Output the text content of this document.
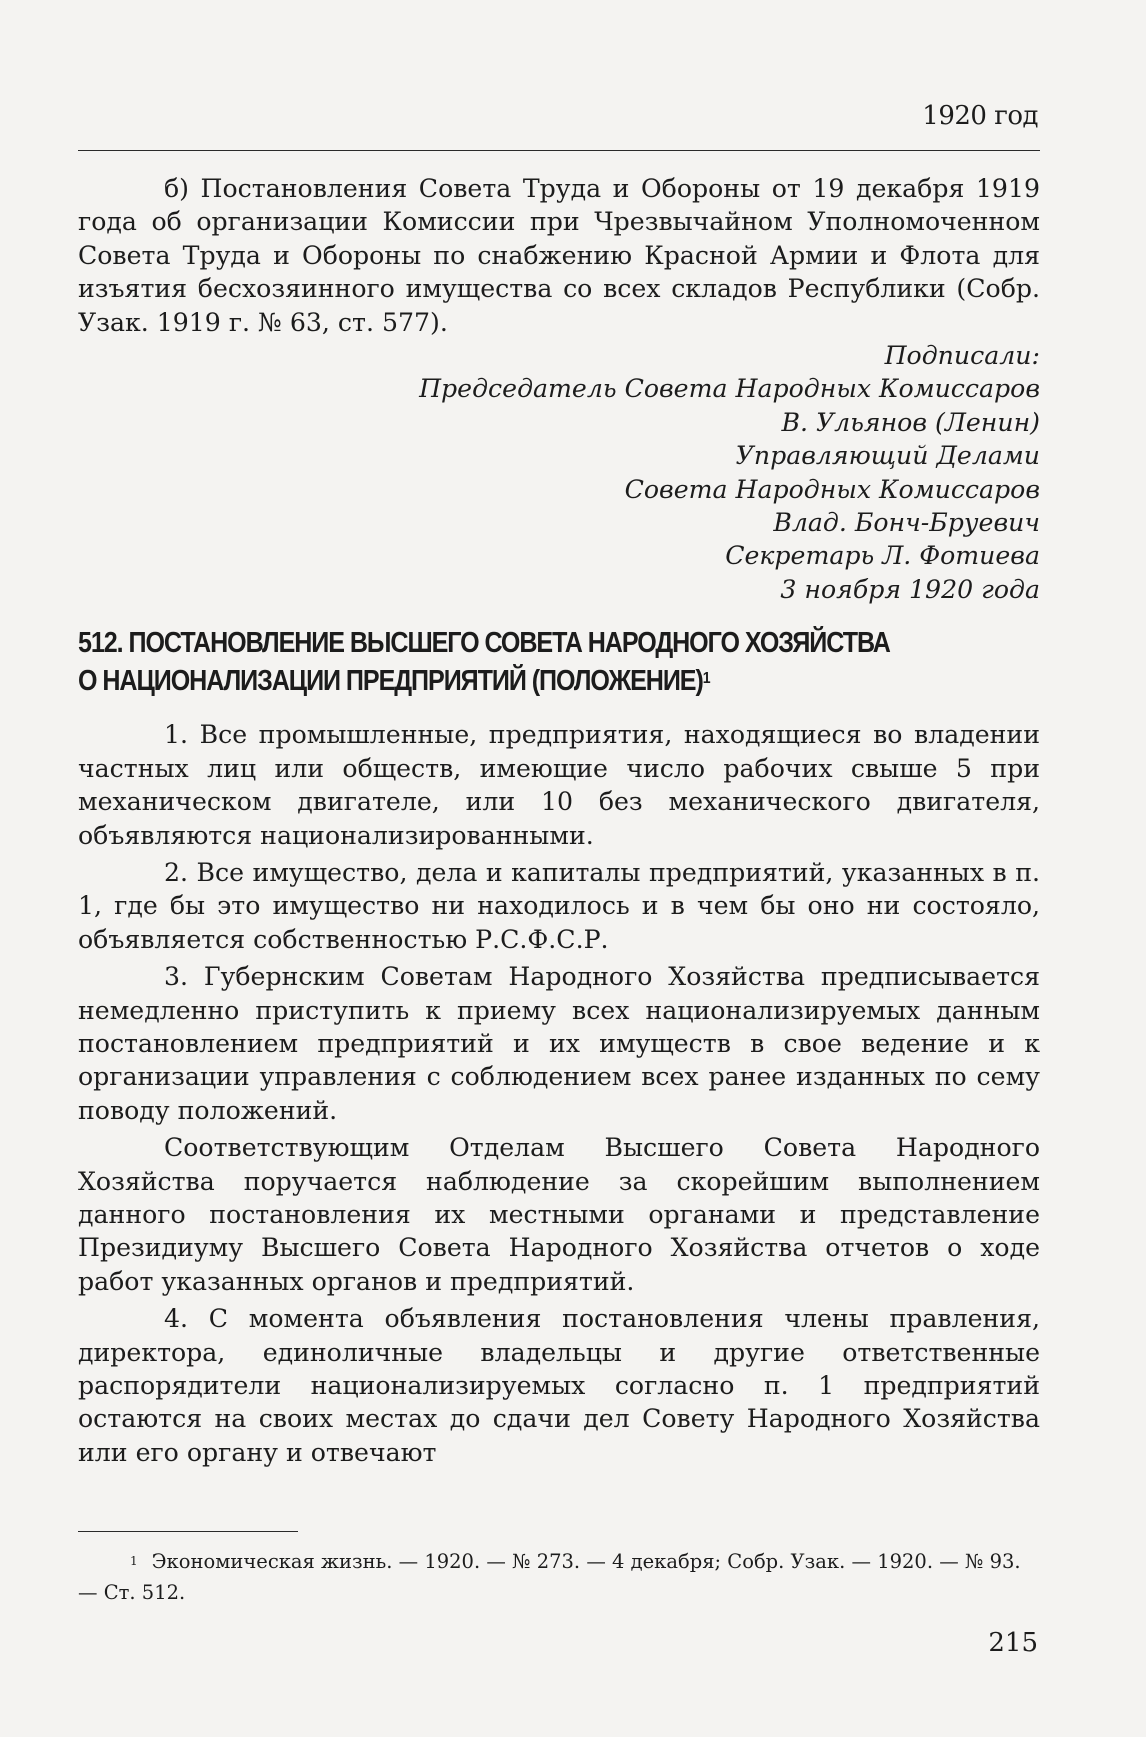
1920 год

б) Постановления Совета Труда и Обороны от 19 декабря 1919 года об организации Комиссии при Чрезвычайном Уполномоченном Совета Труда и Обороны по снабжению Красной Армии и Флота для изъятия бесхозяинного имущества со всех складов Республики (Собр. Узак. 1919 г. № 63, ст. 577).

Подписали:
Председатель Совета Народных Комиссаров
В. Ульянов (Ленин)
Управляющий Делами
Совета Народных Комиссаров
Влад. Бонч-Бруевич
Секретарь Л. Фотиева
3 ноября 1920 года
512. ПОСТАНОВЛЕНИЕ ВЫСШЕГО СОВЕТА НАРОДНОГО ХОЗЯЙСТВА
О НАЦИОНАЛИЗАЦИИ ПРЕДПРИЯТИЙ (ПОЛОЖЕНИЕ)$^1$

1. Все промышленные, предприятия, находящиеся во владении частных лиц или обществ, имеющие число рабочих свыше 5 при механическом двигателе, или 10 без механического двигателя, объявляются национализированными.

2. Все имущество, дела и капиталы предприятий, указанных в п. 1, где бы это имущество ни находилось и в чем бы оно ни состояло, объявляется собственностью Р.С.Ф.С.Р.

3. Губернским Советам Народного Хозяйства предписывается немедленно приступить к приему всех национализируемых данным постановлением предприятий и их имуществ в свое ведение и к организации управления с соблюдением всех ранее изданных по сему поводу положений.

Соответствующим Отделам Высшего Совета Народного Хозяйства поручается наблюдение за скорейшим выполнением данного постановления их местными органами и представление Президиуму Высшего Совета Народного Хозяйства отчетов о ходе работ указанных органов и предприятий.

4. С момента объявления постановления члены правления, директора, единоличные владельцы и другие ответственные распорядители национализируемых согласно п. 1 предприятий остаются на своих местах до сдачи дел Совету Народного Хозяйства или его органу и отвечают

$^1$ Экономическая жизнь. — 1920. — № 273. — 4 декабря; Собр. Узак. — 1920. — № 93. — Ст. 512.
215
